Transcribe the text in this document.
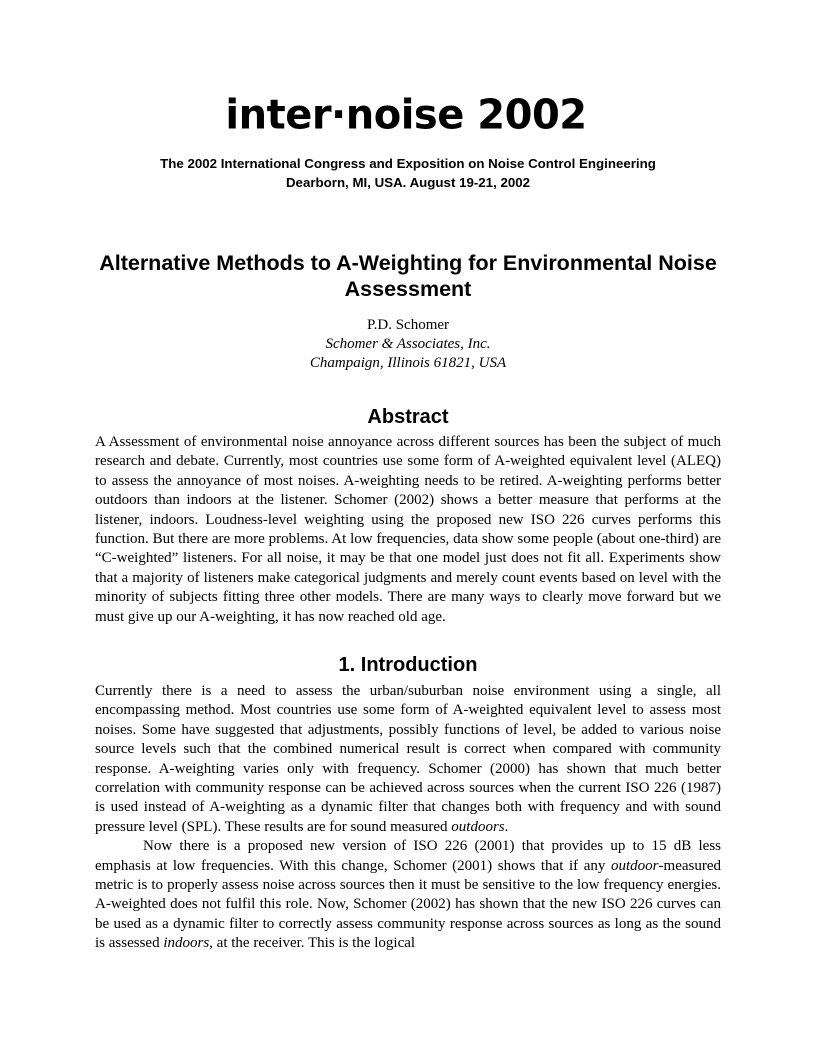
inter·noise 2002
The 2002 International Congress and Exposition on Noise Control Engineering
Dearborn, MI, USA. August 19-21, 2002
Alternative Methods to A-Weighting for Environmental Noise
Assessment
P.D. Schomer
Schomer & Associates, Inc.
Champaign, Illinois 61821, USA
Abstract
A Assessment of environmental noise annoyance across different sources has been the subject of much research and debate. Currently, most countries use some form of A-weighted equivalent level (ALEQ) to assess the annoyance of most noises. A-weighting needs to be retired. A-weighting performs better outdoors than indoors at the listener. Schomer (2002) shows a better measure that performs at the listener, indoors. Loudness-level weighting using the proposed new ISO 226 curves performs this function. But there are more problems. At low frequencies, data show some people (about one-third) are “C-weighted” listeners. For all noise, it may be that one model just does not fit all. Experiments show that a majority of listeners make categorical judgments and merely count events based on level with the minority of subjects fitting three other models. There are many ways to clearly move forward but we must give up our A-weighting, it has now reached old age.
1. Introduction

Currently there is a need to assess the urban/suburban noise environment using a single, all encompassing method. Most countries use some form of A-weighted equivalent level to assess most noises. Some have suggested that adjustments, possibly functions of level, be added to various noise source levels such that the combined numerical result is correct when compared with community response. A-weighting varies only with frequency. Schomer (2000) has shown that much better correlation with community response can be achieved across sources when the current ISO 226 (1987) is used instead of A-weighting as a dynamic filter that changes both with frequency and with sound pressure level (SPL). These results are for sound measured outdoors.

Now there is a proposed new version of ISO 226 (2001) that provides up to 15 dB less emphasis at low frequencies. With this change, Schomer (2001) shows that if any outdoor-measured metric is to properly assess noise across sources then it must be sensitive to the low frequency energies. A-weighted does not fulfil this role. Now, Schomer (2002) has shown that the new ISO 226 curves can be used as a dynamic filter to correctly assess community response across sources as long as the sound is assessed indoors, at the receiver. This is the logical
